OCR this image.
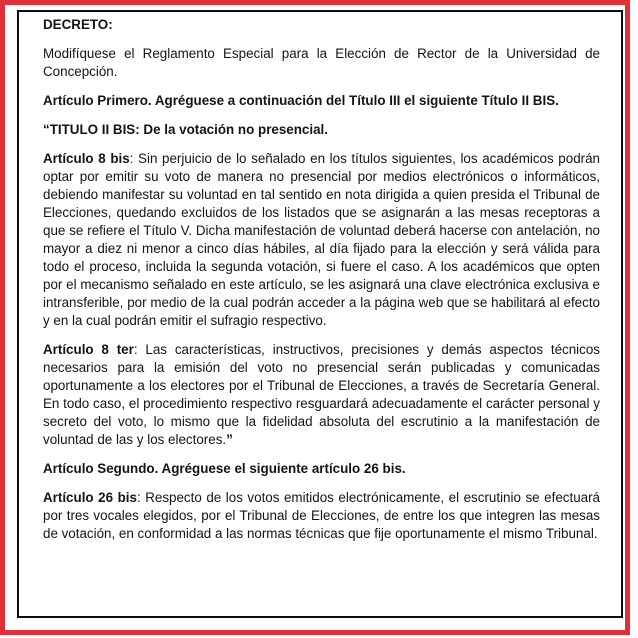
DECRETO:

Modifíquese el Reglamento Especial para la Elección de Rector de la Universidad de Concepción.

Artículo Primero. Agréguese a continuación del Título III el siguiente Título II BIS.

“TITULO II BIS: De la votación no presencial.

Artículo 8 bis: Sin perjuicio de lo señalado en los títulos siguientes, los académicos podrán optar por emitir su voto de manera no presencial por medios electrónicos o informáticos, debiendo manifestar su voluntad en tal sentido en nota dirigida a quien presida el Tribunal de Elecciones, quedando excluidos de los listados que se asignarán a las mesas receptoras a que se refiere el Título V. Dicha manifestación de voluntad deberá hacerse con antelación, no mayor a diez ni menor a cinco días hábiles, al día fijado para la elección y será válida para todo el proceso, incluida la segunda votación, si fuere el caso. A los académicos que opten por el mecanismo señalado en este artículo, se les asignará una clave electrónica exclusiva e intransferible, por medio de la cual podrán acceder a la página web que se habilitará al efecto y en la cual podrán emitir el sufragio respectivo.

Artículo 8 ter: Las características, instructivos, precisiones y demás aspectos técnicos necesarios para la emisión del voto no presencial serán publicadas y comunicadas oportunamente a los electores por el Tribunal de Elecciones, a través de Secretaría General. En todo caso, el procedimiento respectivo resguardará adecuadamente el carácter personal y secreto del voto, lo mismo que la fidelidad absoluta del escrutinio a la manifestación de voluntad de las y los electores.”

Artículo Segundo. Agréguese el siguiente artículo 26 bis.

Artículo 26 bis: Respecto de los votos emitidos electrónicamente, el escrutinio se efectuará por tres vocales elegidos, por el Tribunal de Elecciones, de entre los que integren las mesas de votación, en conformidad a las normas técnicas que fije oportunamente el mismo Tribunal.
